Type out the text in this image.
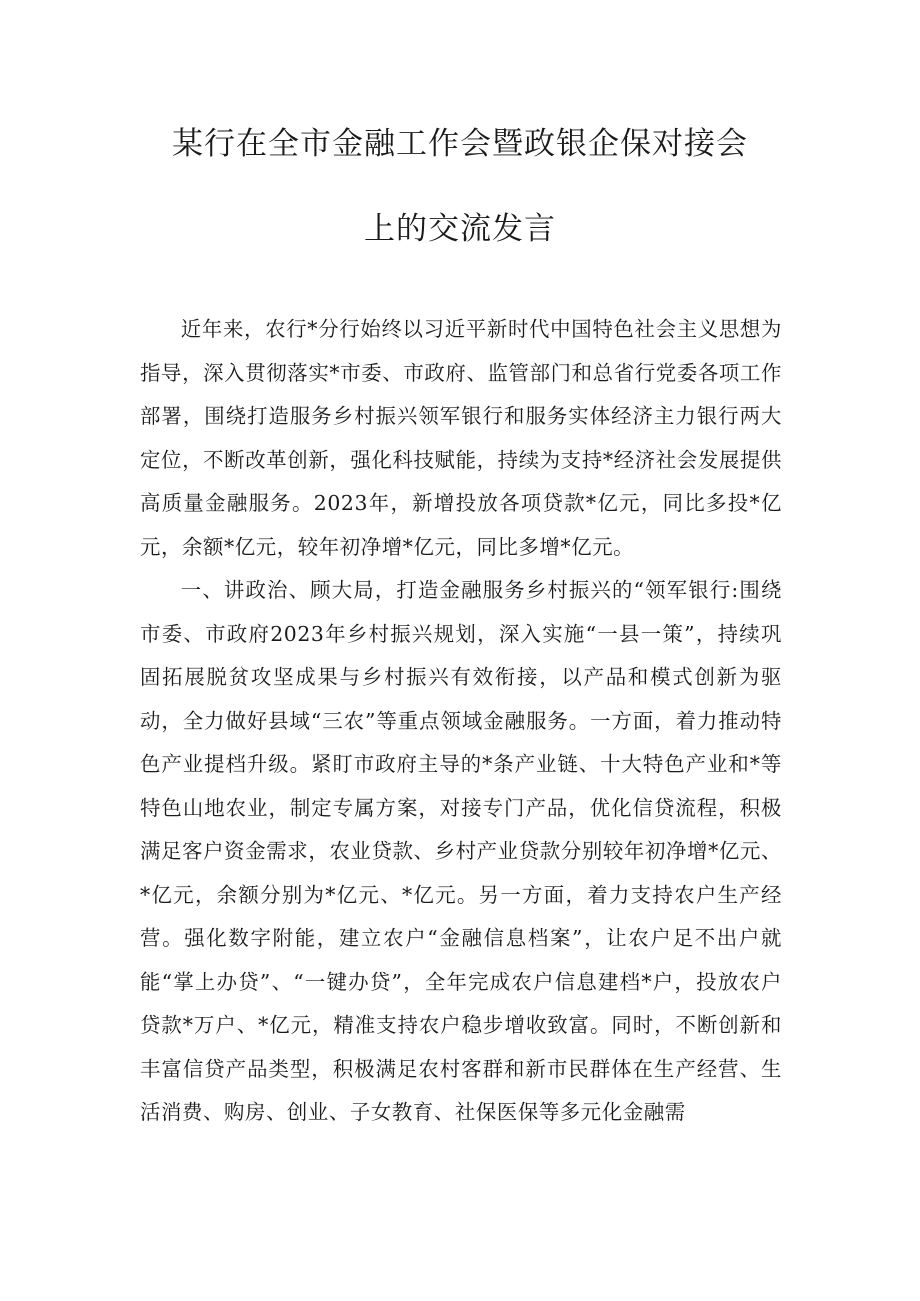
某行在全市金融工作会暨政银企保对接会
上的交流发言

近年来，农行*分行始终以习近平新时代中国特色社会主义思想为指导，深入贯彻落实*市委、市政府、监管部门和总省行党委各项工作部署，围绕打造服务乡村振兴领军银行和服务实体经济主力银行两大定位，不断改革创新，强化科技赋能，持续为支持*经济社会发展提供高质量金融服务。2023年，新增投放各项贷款*亿元，同比多投*亿元，余额*亿元，较年初净增*亿元，同比多增*亿元。

一、讲政治、顾大局，打造金融服务乡村振兴的“领军银行:围绕市委、市政府2023年乡村振兴规划，深入实施“一县一策”，持续巩固拓展脱贫攻坚成果与乡村振兴有效衔接，以产品和模式创新为驱动，全力做好县域“三农”等重点领域金融服务。一方面，着力推动特色产业提档升级。紧盯市政府主导的*条产业链、十大特色产业和*等特色山地农业，制定专属方案，对接专门产品，优化信贷流程，积极满足客户资金需求，农业贷款、乡村产业贷款分别较年初净增*亿元、*亿元，余额分别为*亿元、*亿元。另一方面，着力支持农户生产经营。强化数字附能，建立农户“金融信息档案”，让农户足不出户就能“掌上办贷”、“一键办贷”，全年完成农户信息建档*户，投放农户贷款*万户、*亿元，精准支持农户稳步增收致富。同时，不断创新和丰富信贷产品类型，积极满足农村客群和新市民群体在生产经营、生活消费、购房、创业、子女教育、社保医保等多元化金融需
